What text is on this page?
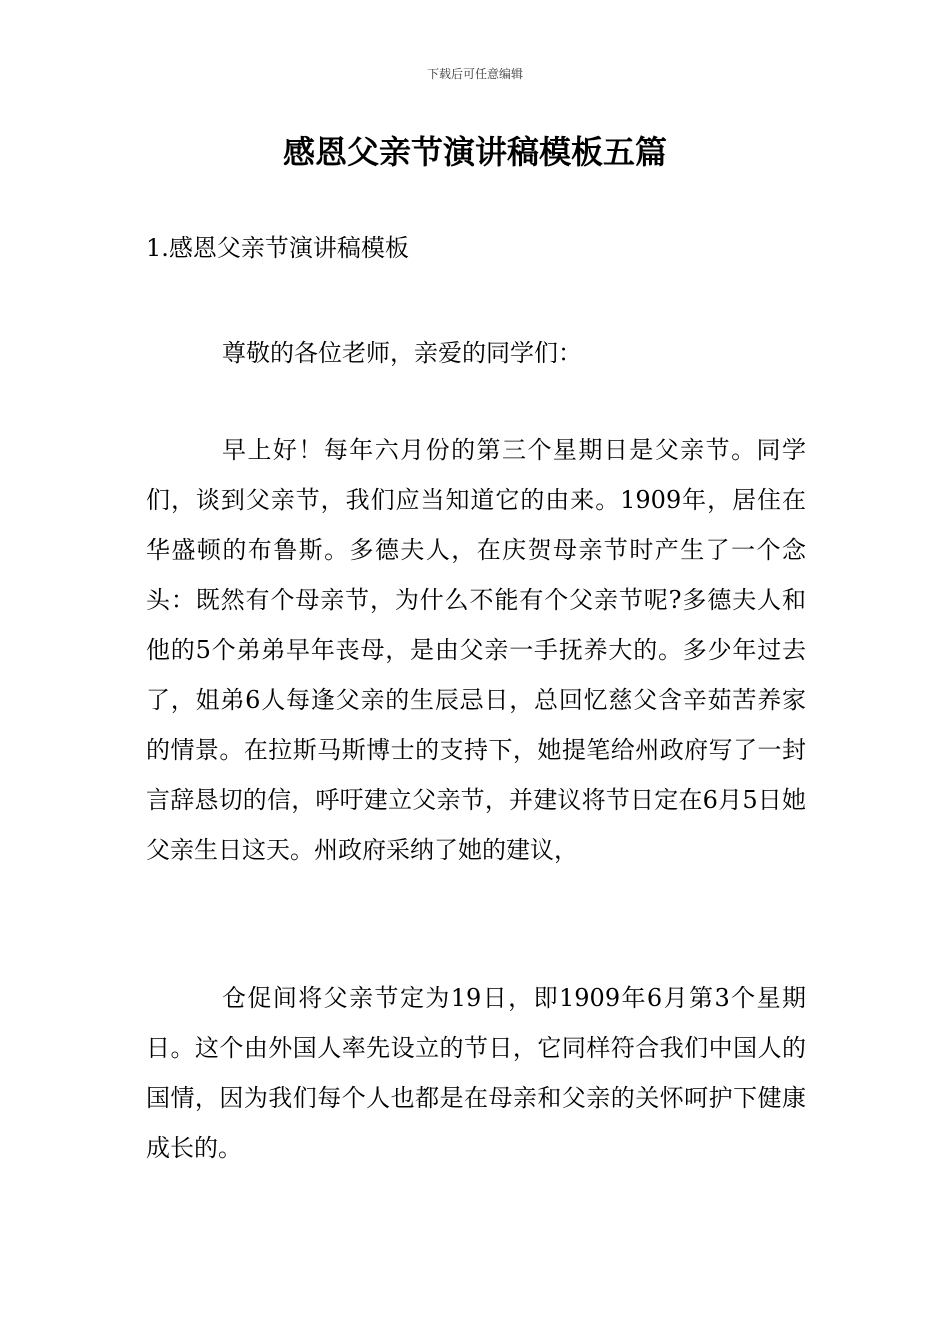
下载后可任意编辑
感恩父亲节演讲稿模板五篇
1.感恩父亲节演讲稿模板

尊敬的各位老师，亲爱的同学们：

早上好！每年六月份的第三个星期日是父亲节。同学们，谈到父亲节，我们应当知道它的由来。1909年，居住在华盛顿的布鲁斯。多德夫人，在庆贺母亲节时产生了一个念头：既然有个母亲节，为什么不能有个父亲节呢?多德夫人和他的5个弟弟早年丧母，是由父亲一手抚养大的。多少年过去了，姐弟6人每逢父亲的生辰忌日，总回忆慈父含辛茹苦养家的情景。在拉斯马斯博士的支持下，她提笔给州政府写了一封言辞恳切的信，呼吁建立父亲节，并建议将节日定在6月5日她父亲生日这天。州政府采纳了她的建议，

仓促间将父亲节定为19日，即1909年6月第3个星期日。这个由外国人率先设立的节日，它同样符合我们中国人的国情，因为我们每个人也都是在母亲和父亲的关怀呵护下健康成长的。
